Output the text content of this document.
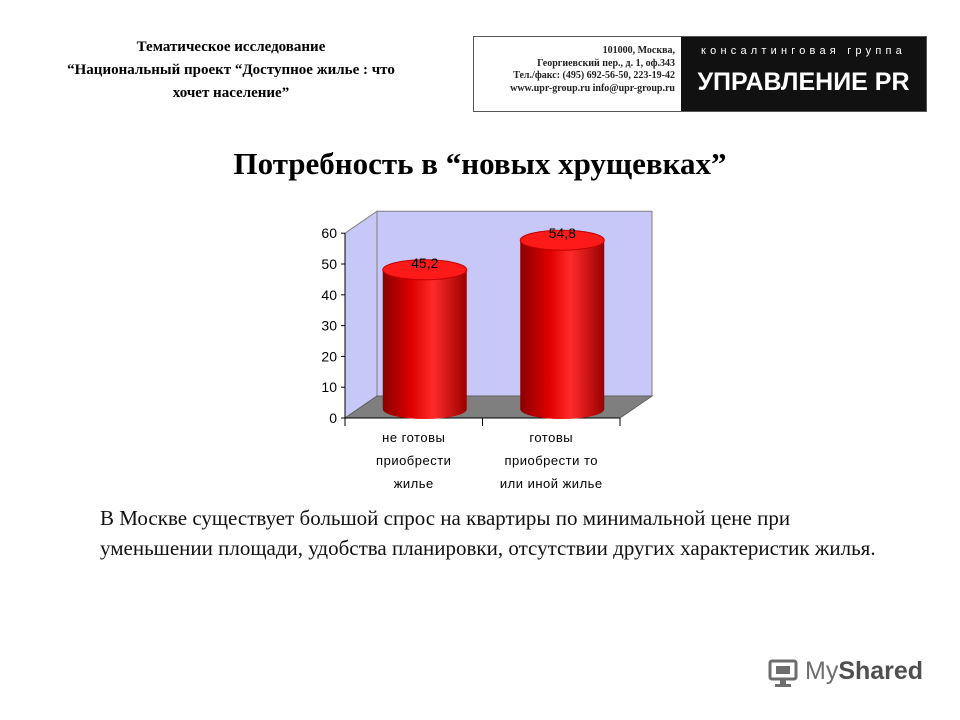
Тематическое исследование
“Национальный проект “Доступное жилье : что
хочет население”
101000, Москва,
Георгиевский пер., д. 1, оф.343
Тел./факс: (495) 692-56-50, 223-19-42
www.upr-group.ru info@upr-group.ru
консалтинговая группа
УПРАВЛЕНИЕ PR
Потребность в “новых хрущевках”
0
10
20
30
40
50
60
45,2
54,8
не готовы
приобрести
жилье
готовы
приобрести то
или иной жилье
В Москве существует большой спрос на квартиры по минимальной цене при уменьшении площади, удобства планировки, отсутствии других характеристик жилья.
MyShared
